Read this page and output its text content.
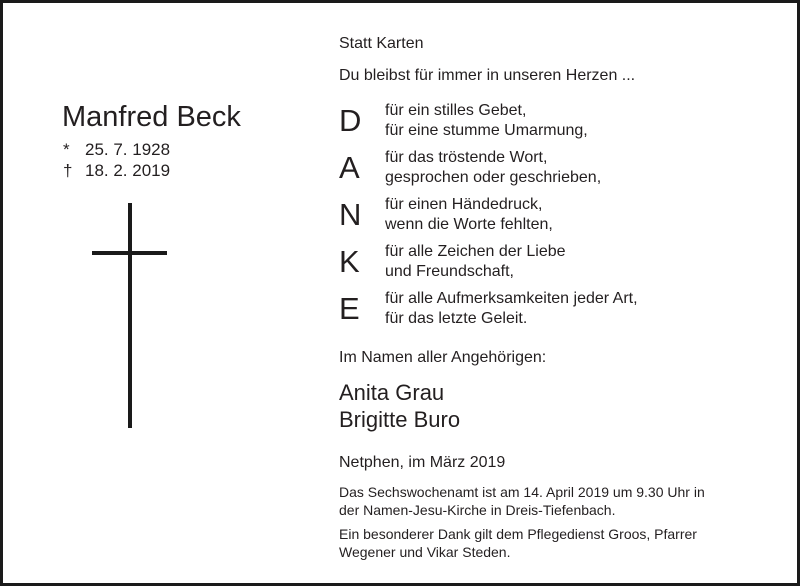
Manfred Beck
* 25. 7. 1928
† 18. 2. 2019
Statt Karten
Du bleibst für immer in unseren Herzen ...
D	für ein stilles Gebet,
für eine stumme Umarmung,
A	für das tröstende Wort,
gesprochen oder geschrieben,
N	für einen Händedruck,
wenn die Worte fehlten,
K	für alle Zeichen der Liebe
und Freundschaft,
E	für alle Aufmerksamkeiten jeder Art,
für das letzte Geleit.
Im Namen aller Angehörigen:
Anita Grau
Brigitte Buro
Netphen, im März 2019
Das Sechswochenamt ist am 14. April 2019 um 9.30 Uhr in
der Namen-Jesu-Kirche in Dreis-Tiefenbach.
Ein besonderer Dank gilt dem Pflegedienst Groos, Pfarrer
Wegener und Vikar Steden.
